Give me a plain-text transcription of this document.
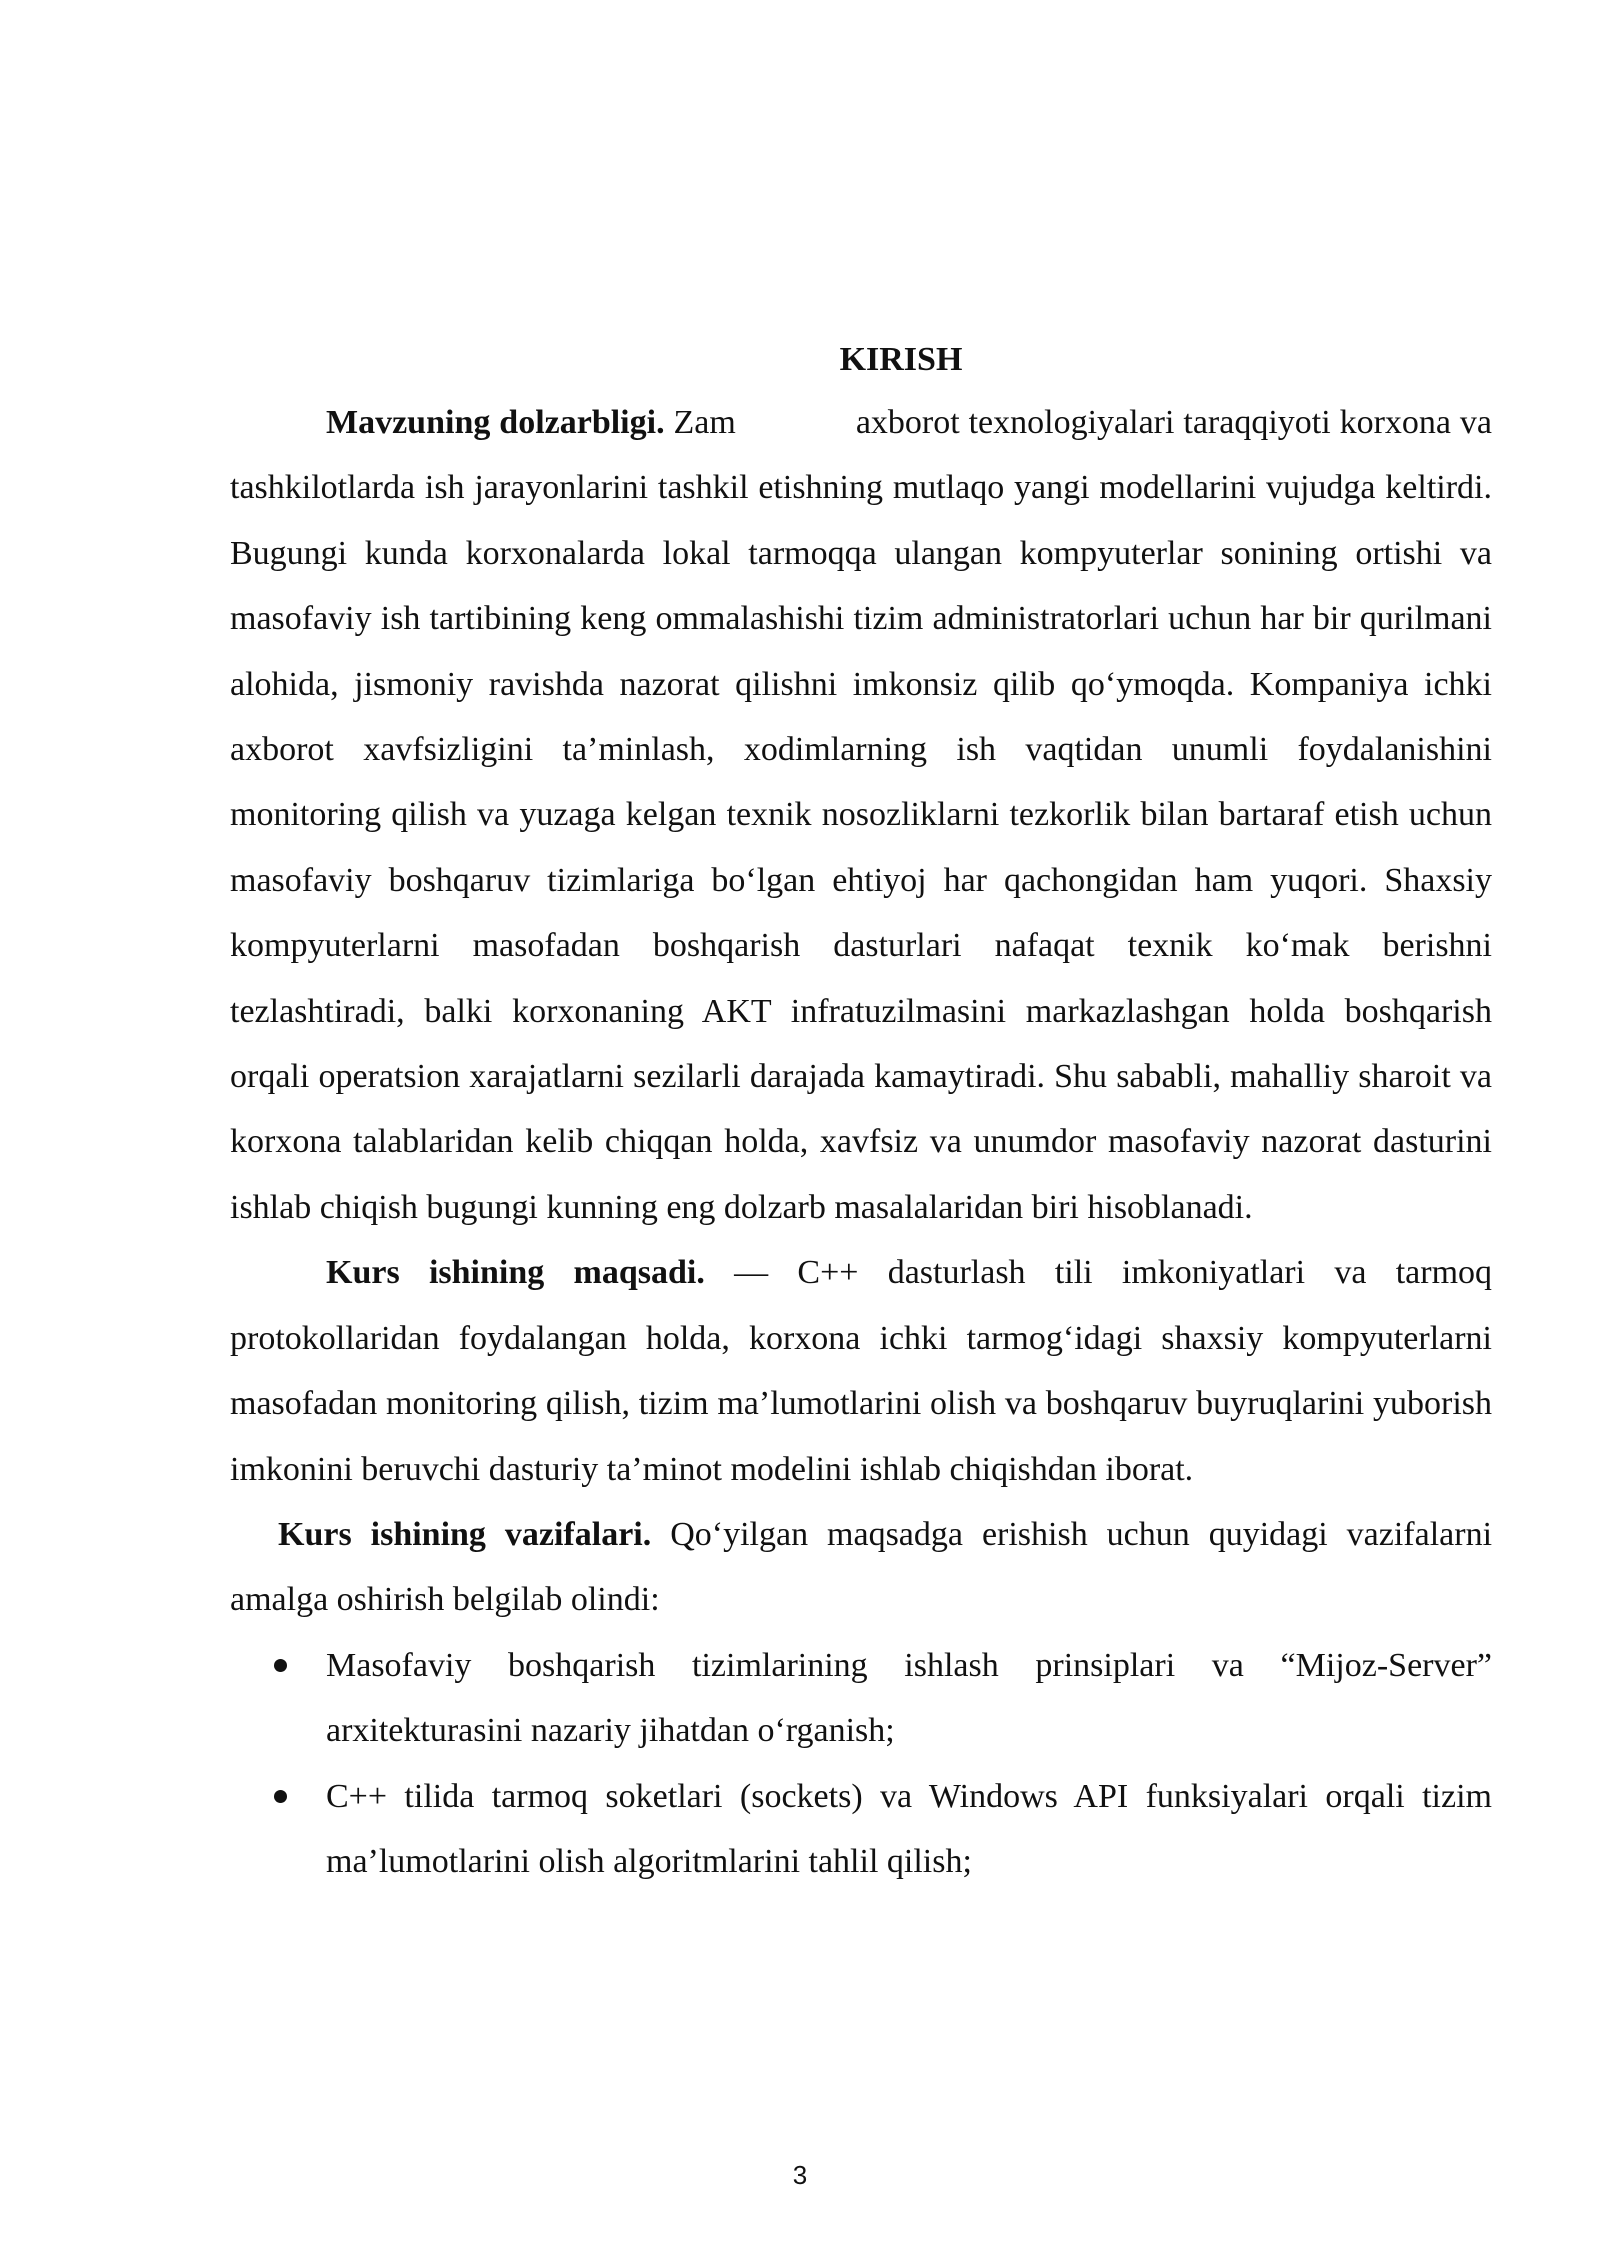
KIRISH

Mavzuning dolzarbligi. Zam	axborot texnologiyalari taraqqiyoti korxona va tashkilotlarda ish jarayonlarini tashkil etishning mutlaqo yangi modellarini vujudga keltirdi. Bugungi kunda korxonalarda lokal tarmoqqa ulangan kompyuterlar sonining ortishi va masofaviy ish tartibining keng ommalashishi tizim administratorlari uchun har bir qurilmani alohida, jismoniy ravishda nazorat qilishni imkonsiz qilib qo‘ymoqda. Kompaniya ichki axborot xavfsizligini ta’minlash, xodimlarning ish vaqtidan unumli foydalanishini monitoring qilish va yuzaga kelgan texnik nosozliklarni tezkorlik bilan bartaraf etish uchun masofaviy boshqaruv tizimlariga bo‘lgan ehtiyoj har qachongidan ham yuqori. Shaxsiy kompyuterlarni masofadan boshqarish dasturlari nafaqat texnik ko‘mak berishni tezlashtiradi, balki korxonaning AKT infratuzilmasini markazlashgan holda boshqarish orqali operatsion xarajatlarni sezilarli darajada kamaytiradi. Shu sababli, mahalliy sharoit va korxona talablaridan kelib chiqqan holda, xavfsiz va unumdor masofaviy nazorat dasturini ishlab chiqish bugungi kunning eng dolzarb masalalaridan biri hisoblanadi.

Kurs ishining maqsadi. — C++ dasturlash tili imkoniyatlari va tarmoq protokollaridan foydalangan holda, korxona ichki tarmog‘idagi shaxsiy kompyuterlarni masofadan monitoring qilish, tizim ma’lumotlarini olish va boshqaruv buyruqlarini yuborish imkonini beruvchi dasturiy ta’minot modelini ishlab chiqishdan iborat.

Kurs ishining vazifalari. Qo‘yilgan maqsadga erishish uchun quyidagi vazifalarni amalga oshirish belgilab olindi:

Masofaviy boshqarish tizimlarining ishlash prinsiplari va “Mijoz-Server” arxitekturasini nazariy jihatdan o‘rganish;
C++ tilida tarmoq soketlari (sockets) va Windows API funksiyalari orqali tizim ma’lumotlarini olish algoritmlarini tahlil qilish;
3
